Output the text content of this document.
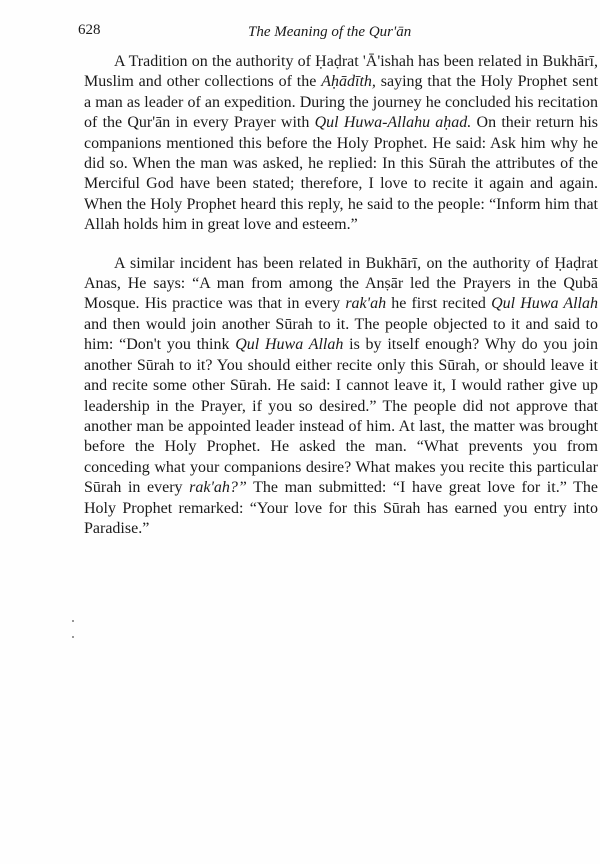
628	The Meaning of the Qur'ān

A Tradition on the authority of Ḥaḍrat 'Ā'ishah has been related in Bukhārī, Muslim and other collections of the Aḥādīth, saying that the Holy Prophet sent a man as leader of an expedition. During the journey he concluded his recitation of the Qur'ān in every Prayer with Qul Huwa-Allahu aḥad. On their return his companions mentioned this before the Holy Prophet. He said: Ask him why he did so. When the man was asked, he replied: In this Sūrah the attributes of the Merciful God have been stated; therefore, I love to recite it again and again. When the Holy Prophet heard this reply, he said to the people: “Inform him that Allah holds him in great love and esteem.”

A similar incident has been related in Bukhārī, on the authority of Ḥaḍrat Anas, He says: “A man from among the Anṣār led the Prayers in the Qubā Mosque. His practice was that in every rak'ah he first recited Qul Huwa Allah and then would join another Sūrah to it. The people objected to it and said to him: “Don't you think Qul Huwa Allah is by itself enough? Why do you join another Sūrah to it? You should either recite only this Sūrah, or should leave it and recite some other Sūrah. He said: I cannot leave it, I would rather give up leadership in the Prayer, if you so desired.” The people did not approve that another man be appointed leader instead of him. At last, the matter was brought before the Holy Prophet. He asked the man. “What prevents you from conceding what your companions desire? What makes you recite this particular Sūrah in every rak'ah?” The man submitted: “I have great love for it.” The Holy Prophet remarked: “Your love for this Sūrah has earned you entry into Paradise.”
